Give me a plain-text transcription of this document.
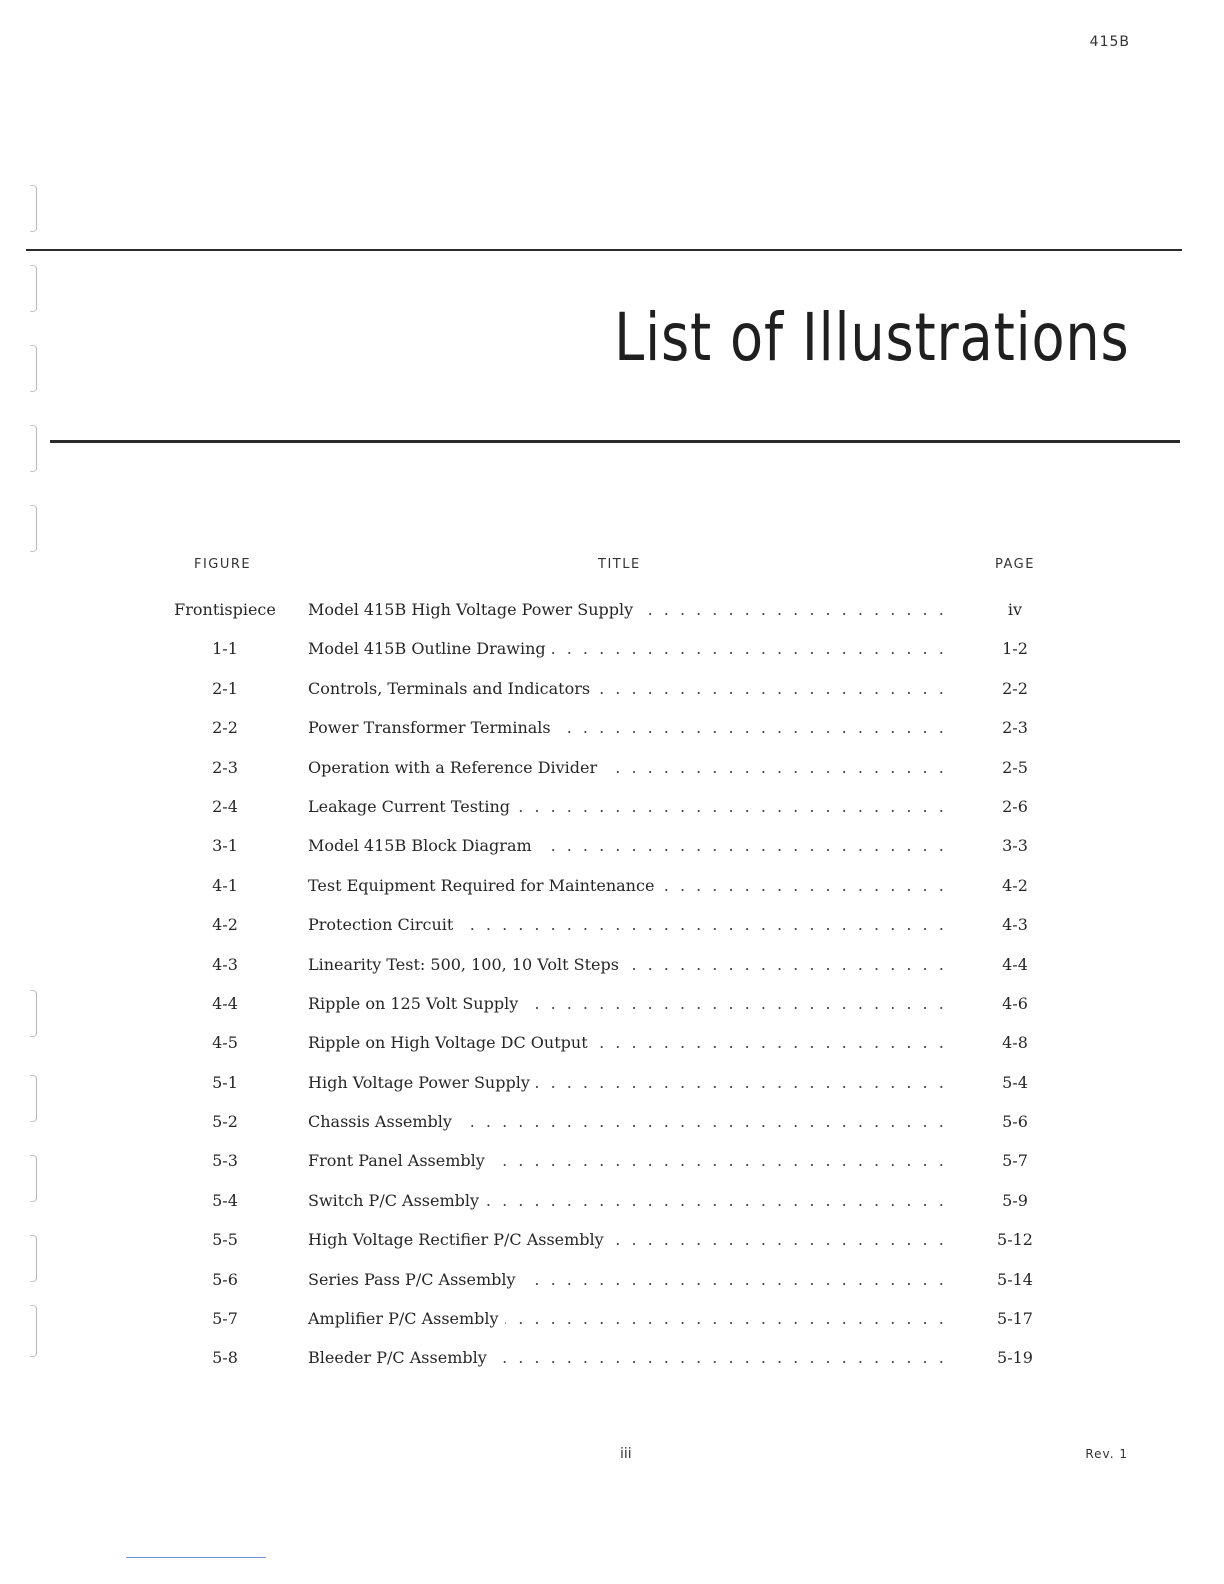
415B
List of Illustrations
FIGURE	TITLE	PAGE
Frontispiece	Model 415B High Voltage Power Supply . . .	iv
1-1	Model 415B Outline Drawing . . .	1-2
2-1	Controls, Terminals and Indicators . . .	2-2
2-2	Power Transformer Terminals . . .	2-3
2-3	Operation with a Reference Divider . . .	2-5
2-4	Leakage Current Testing . . .	2-6
3-1	Model 415B Block Diagram . . .	3-3
4-1	Test Equipment Required for Maintenance . . .	4-2
4-2	Protection Circuit . . .	4-3
4-3	Linearity Test: 500, 100, 10 Volt Steps . . .	4-4
4-4	Ripple on 125 Volt Supply . . .	4-6
4-5	Ripple on High Voltage DC Output . . .	4-8
5-1	High Voltage Power Supply . . .	5-4
5-2	Chassis Assembly . . .	5-6
5-3	Front Panel Assembly . . .	5-7
5-4	Switch P/C Assembly . . .	5-9
5-5	High Voltage Rectifier P/C Assembly . . .	5-12
5-6	Series Pass P/C Assembly . . .	5-14
5-7	Amplifier P/C Assembly . . .	5-17
5-8	Bleeder P/C Assembly . . .	5-19
iii	Rev. 1
